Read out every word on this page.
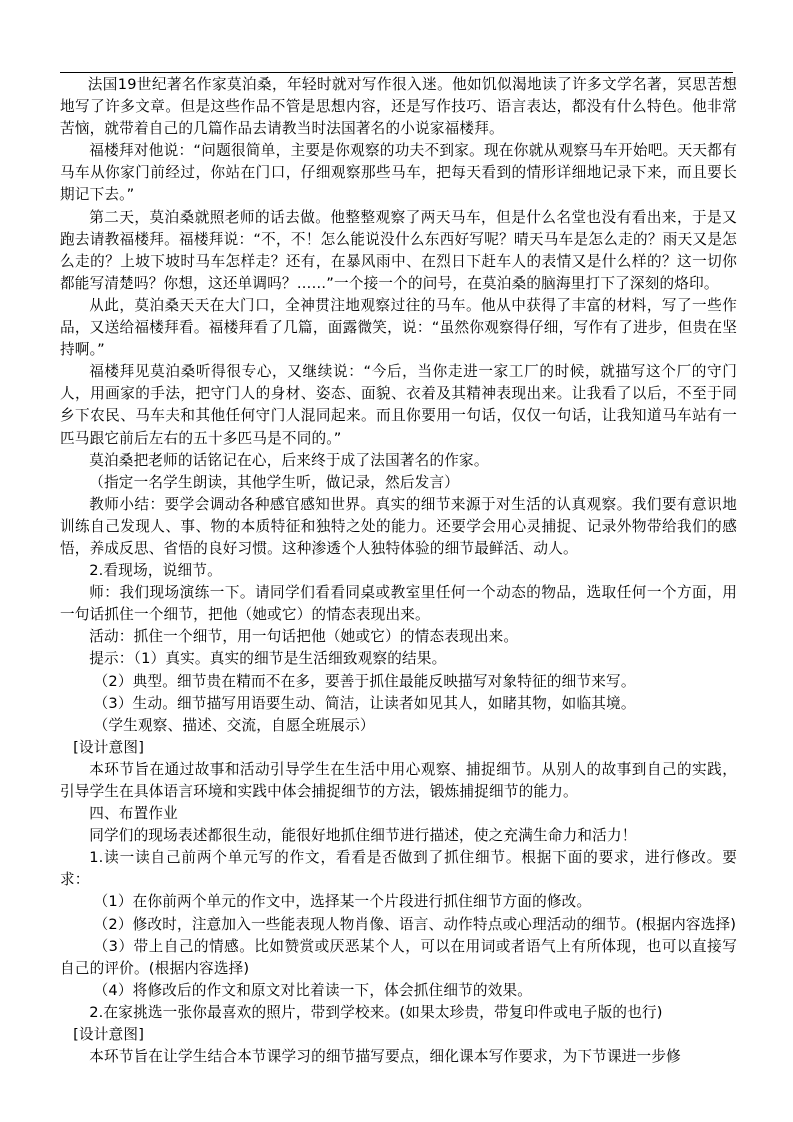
法国19世纪著名作家莫泊桑，年轻时就对写作很入迷。他如饥似渴地读了许多文学名著，冥思苦想地写了许多文章。但是这些作品不管是思想内容，还是写作技巧、语言表达，都没有什么特色。他非常苦恼，就带着自己的几篇作品去请教当时法国著名的小说家福楼拜。

福楼拜对他说：“问题很简单，主要是你观察的功夫不到家。现在你就从观察马车开始吧。天天都有马车从你家门前经过，你站在门口，仔细观察那些马车，把每天看到的情形详细地记录下来，而且要长期记下去。”

第二天，莫泊桑就照老师的话去做。他整整观察了两天马车，但是什么名堂也没有看出来，于是又跑去请教福楼拜。福楼拜说：“不，不！怎么能说没什么东西好写呢？晴天马车是怎么走的？雨天又是怎么走的？上坡下坡时马车怎样走？还有，在暴风雨中、在烈日下赶车人的表情又是什么样的？这一切你都能写清楚吗？你想，这还单调吗？……”一个接一个的问号，在莫泊桑的脑海里打下了深刻的烙印。

从此，莫泊桑天天在大门口，全神贯注地观察过往的马车。他从中获得了丰富的材料，写了一些作品，又送给福楼拜看。福楼拜看了几篇，面露微笑，说：“虽然你观察得仔细，写作有了进步，但贵在坚持啊。”

福楼拜见莫泊桑听得很专心，又继续说：“今后，当你走进一家工厂的时候，就描写这个厂的守门人，用画家的手法，把守门人的身材、姿态、面貌、衣着及其精神表现出来。让我看了以后，不至于同乡下农民、马车夫和其他任何守门人混同起来。而且你要用一句话，仅仅一句话，让我知道马车站有一匹马跟它前后左右的五十多匹马是不同的。”

莫泊桑把老师的话铭记在心，后来终于成了法国著名的作家。

（指定一名学生朗读，其他学生听，做记录，然后发言）

教师小结：要学会调动各种感官感知世界。真实的细节来源于对生活的认真观察。我们要有意识地训练自己发现人、事、物的本质特征和独特之处的能力。还要学会用心灵捕捉、记录外物带给我们的感悟，养成反思、省悟的良好习惯。这种渗透个人独特体验的细节最鲜活、动人。

2.看现场，说细节。

师：我们现场演练一下。请同学们看看同桌或教室里任何一个动态的物品，选取任何一个方面，用一句话抓住一个细节，把他（她或它）的情态表现出来。

活动：抓住一个细节，用一句话把他（她或它）的情态表现出来。

提示：（1）真实。真实的细节是生活细致观察的结果。

（2）典型。细节贵在精而不在多，要善于抓住最能反映描写对象特征的细节来写。

（3）生动。细节描写用语要生动、简洁，让读者如见其人，如睹其物，如临其境。

（学生观察、描述、交流，自愿全班展示）

[设计意图]

本环节旨在通过故事和活动引导学生在生活中用心观察、捕捉细节。从别人的故事到自己的实践，引导学生在具体语言环境和实践中体会捕捉细节的方法，锻炼捕捉细节的能力。

四、布置作业

同学们的现场表述都很生动，能很好地抓住细节进行描述，使之充满生命力和活力！

1.读一读自己前两个单元写的作文，看看是否做到了抓住细节。根据下面的要求，进行修改。要求：

（1）在你前两个单元的作文中，选择某一个片段进行抓住细节方面的修改。

（2）修改时，注意加入一些能表现人物肖像、语言、动作特点或心理活动的细节。(根据内容选择)

（3）带上自己的情感。比如赞赏或厌恶某个人，可以在用词或者语气上有所体现，也可以直接写自己的评价。(根据内容选择)

（4）将修改后的作文和原文对比着读一下，体会抓住细节的效果。

2.在家挑选一张你最喜欢的照片，带到学校来。(如果太珍贵，带复印件或电子版的也行)

[设计意图]

本环节旨在让学生结合本节课学习的细节描写要点，细化课本写作要求，为下节课进一步修
